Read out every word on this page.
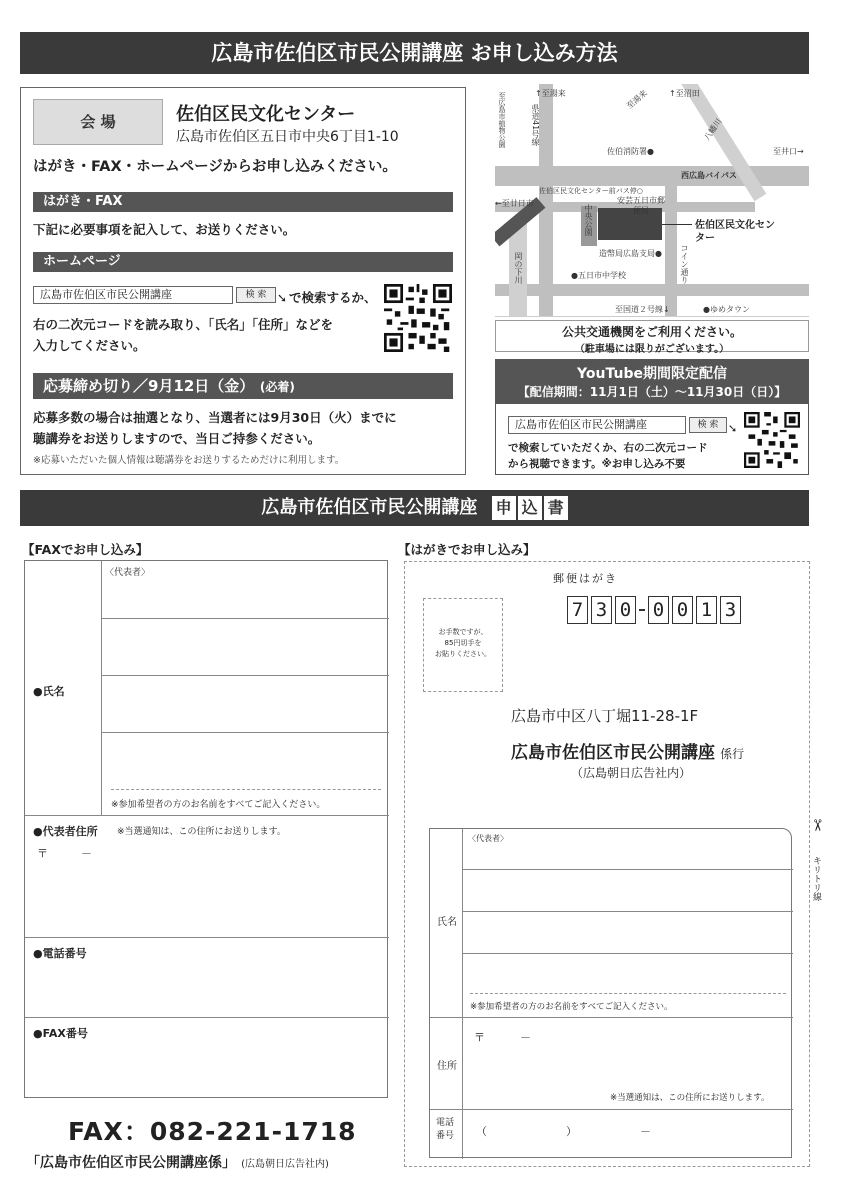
広島市佐伯区市民公開講座 お申し込み方法
会 場	佐伯区民文化センター
広島市佐伯区五日市中央6丁目1-10
はがき・FAX・ホームページからお申し込みください。
はがき・FAX
下記に必要事項を記入して、お送りください。
ホームページ
広島市佐伯区市民公開講座	検 索 ➘ で検索するか、
右の二次元コードを読み取り、「氏名」「住所」などを
入力してください。
応募締め切り／9月12日（金） (必着)
応募多数の場合は抽選となり、当選者には9月30日（火）までに
聴講券をお送りしますので、当日ご持参ください。
※応募いただいた個人情報は聴講券をお送りするためだけに利用します。
↑至湯来	至湯来 ↑至沼田
至広島市植物公園	県道41号線
佐伯消防署●
八幡川
至井口→
西広島バイパス
佐伯区民文化センター前バス停○
←至廿日市	安芸五日市郵便局
中央公園	佐伯区民文化センター
造幣局広島支局● コイン通り
岡の下川	●五日市中学校
至国道２号線↓	●ゆめタウン
公共交通機関をご利用ください。
（駐車場には限りがございます。）
YouTube期間限定配信
【配信期間：11月1日（土）〜11月30日（日）】
広島市佐伯区市民公開講座	検 索 ➘
で検索していただくか、右の二次元コード
から視聴できます。※お申し込み不要
広島市佐伯区市民公開講座 申 込 書
【FAXでお申し込み】
●氏名
〈代表者〉
※参加希望者の方のお名前をすべてご記入ください。
●代表者住所 ※当選通知は、この住所にお送りします。
〒	－
●電話番号
●FAX番号
FAX：082-221-1718
「広島市佐伯区市民公開講座係」 (広島朝日広告社内)
【はがきでお申し込み】
郵便はがき
お手数ですが、
85円切手を
お貼りください。
7 3 0 0 0 1 3
広島市中区八丁堀11-28-1F
広島市佐伯区市民公開講座 係行
（広島朝日広告社内）
氏名
〈代表者〉
※参加希望者の方のお名前をすべてご記入ください。
住所
〒	－
※当選通知は、この住所にお送りします。
電話
番号 （	）	－
✂
キリトリ線
